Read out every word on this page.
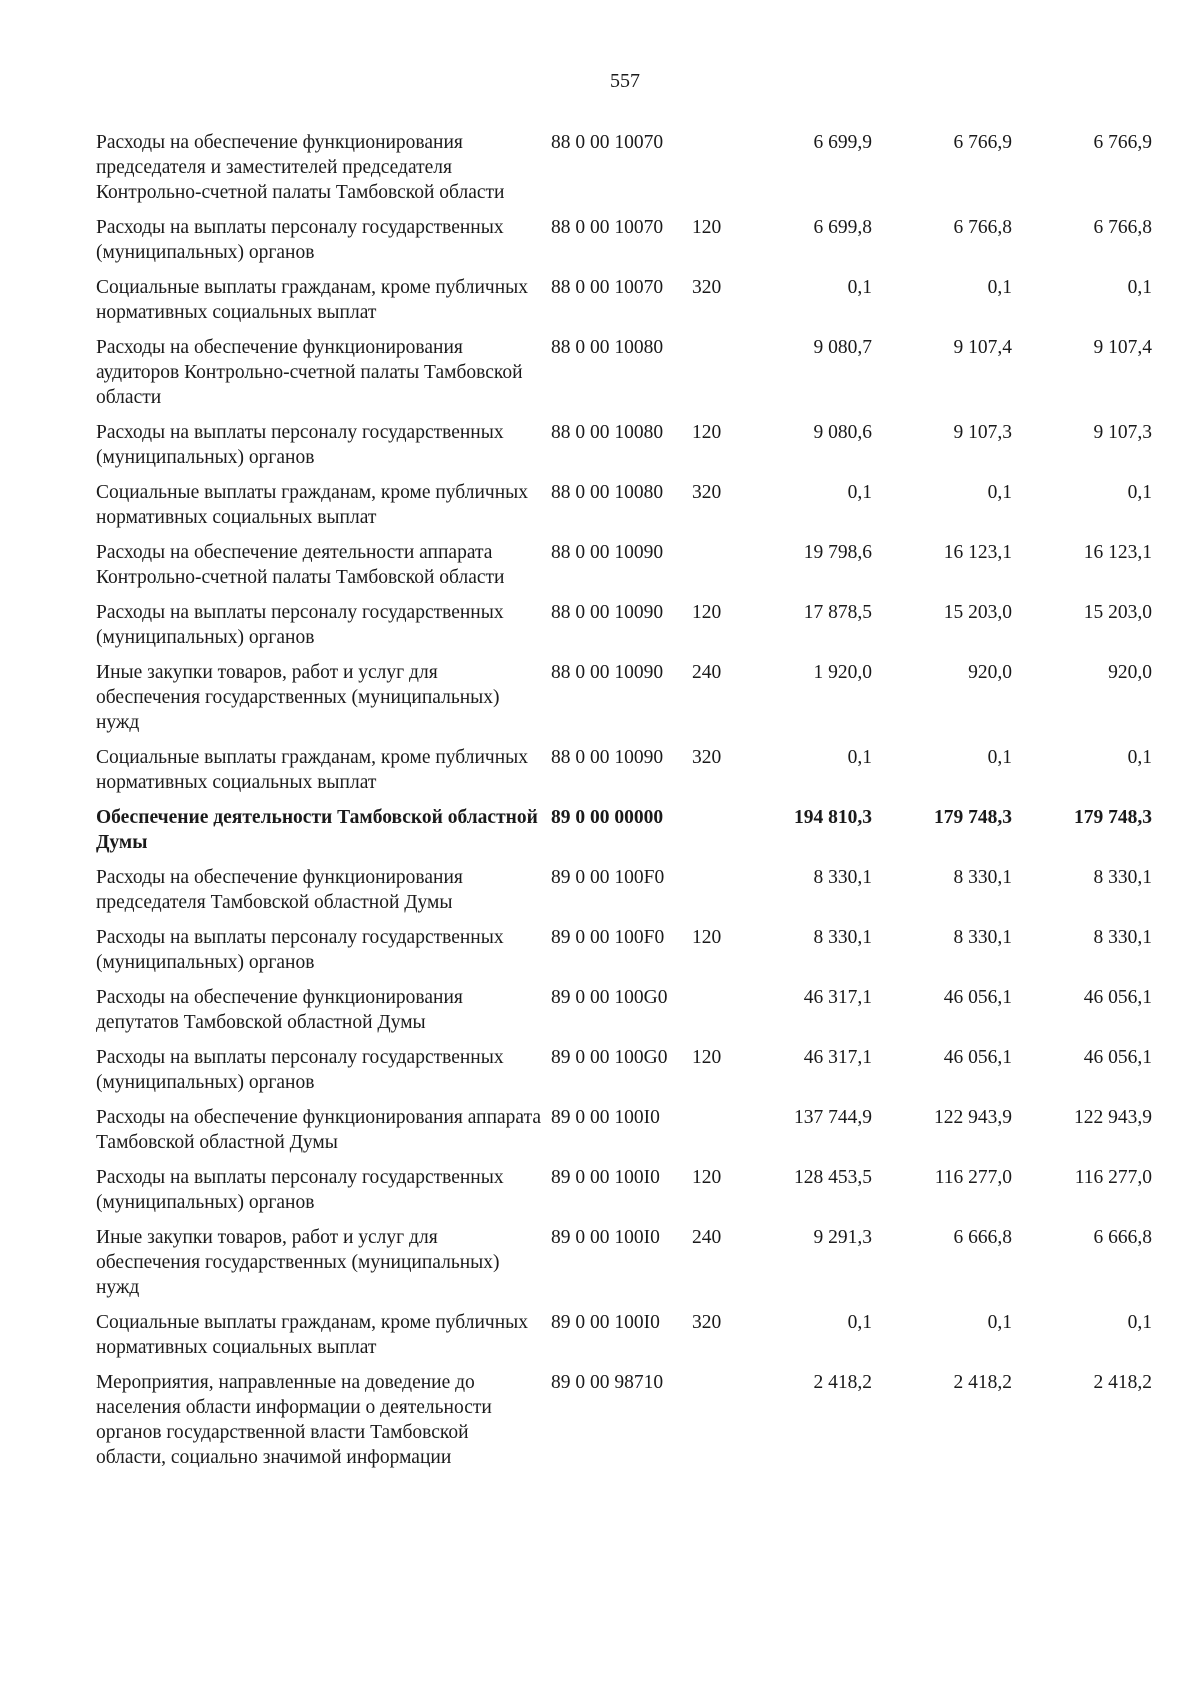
557
Расходы на обеспечение функционирования председателя и заместителей председателя Контрольно-счетной палаты Тамбовской области	88 0 00 10070		6 699,9	6 766,9	6 766,9
Расходы на выплаты персоналу государственных (муниципальных) органов	88 0 00 10070	120	6 699,8	6 766,8	6 766,8
Социальные выплаты гражданам, кроме публичных нормативных социальных выплат	88 0 00 10070	320	0,1	0,1	0,1
Расходы на обеспечение функционирования аудиторов Контрольно-счетной палаты Тамбовской области	88 0 00 10080		9 080,7	9 107,4	9 107,4
Расходы на выплаты персоналу государственных (муниципальных) органов	88 0 00 10080	120	9 080,6	9 107,3	9 107,3
Социальные выплаты гражданам, кроме публичных нормативных социальных выплат	88 0 00 10080	320	0,1	0,1	0,1
Расходы на обеспечение деятельности аппарата Контрольно-счетной палаты Тамбовской области	88 0 00 10090		19 798,6	16 123,1	16 123,1
Расходы на выплаты персоналу государственных (муниципальных) органов	88 0 00 10090	120	17 878,5	15 203,0	15 203,0
Иные закупки товаров, работ и услуг для обеспечения государственных (муниципальных) нужд	88 0 00 10090	240	1 920,0	920,0	920,0
Социальные выплаты гражданам, кроме публичных нормативных социальных выплат	88 0 00 10090	320	0,1	0,1	0,1
Обеспечение деятельности Тамбовской областной Думы	89 0 00 00000		194 810,3	179 748,3	179 748,3
Расходы на обеспечение функционирования председателя Тамбовской областной Думы	89 0 00 100F0		8 330,1	8 330,1	8 330,1
Расходы на выплаты персоналу государственных (муниципальных) органов	89 0 00 100F0	120	8 330,1	8 330,1	8 330,1
Расходы на обеспечение функционирования депутатов Тамбовской областной Думы	89 0 00 100G0		46 317,1	46 056,1	46 056,1
Расходы на выплаты персоналу государственных (муниципальных) органов	89 0 00 100G0	120	46 317,1	46 056,1	46 056,1
Расходы на обеспечение функционирования аппарата Тамбовской областной Думы	89 0 00 100I0		137 744,9	122 943,9	122 943,9
Расходы на выплаты персоналу государственных (муниципальных) органов	89 0 00 100I0	120	128 453,5	116 277,0	116 277,0
Иные закупки товаров, работ и услуг для обеспечения государственных (муниципальных) нужд	89 0 00 100I0	240	9 291,3	6 666,8	6 666,8
Социальные выплаты гражданам, кроме публичных нормативных социальных выплат	89 0 00 100I0	320	0,1	0,1	0,1
Мероприятия, направленные на доведение до населения области информации о деятельности органов государственной власти Тамбовской области, социально значимой информации	89 0 00 98710		2 418,2	2 418,2	2 418,2
